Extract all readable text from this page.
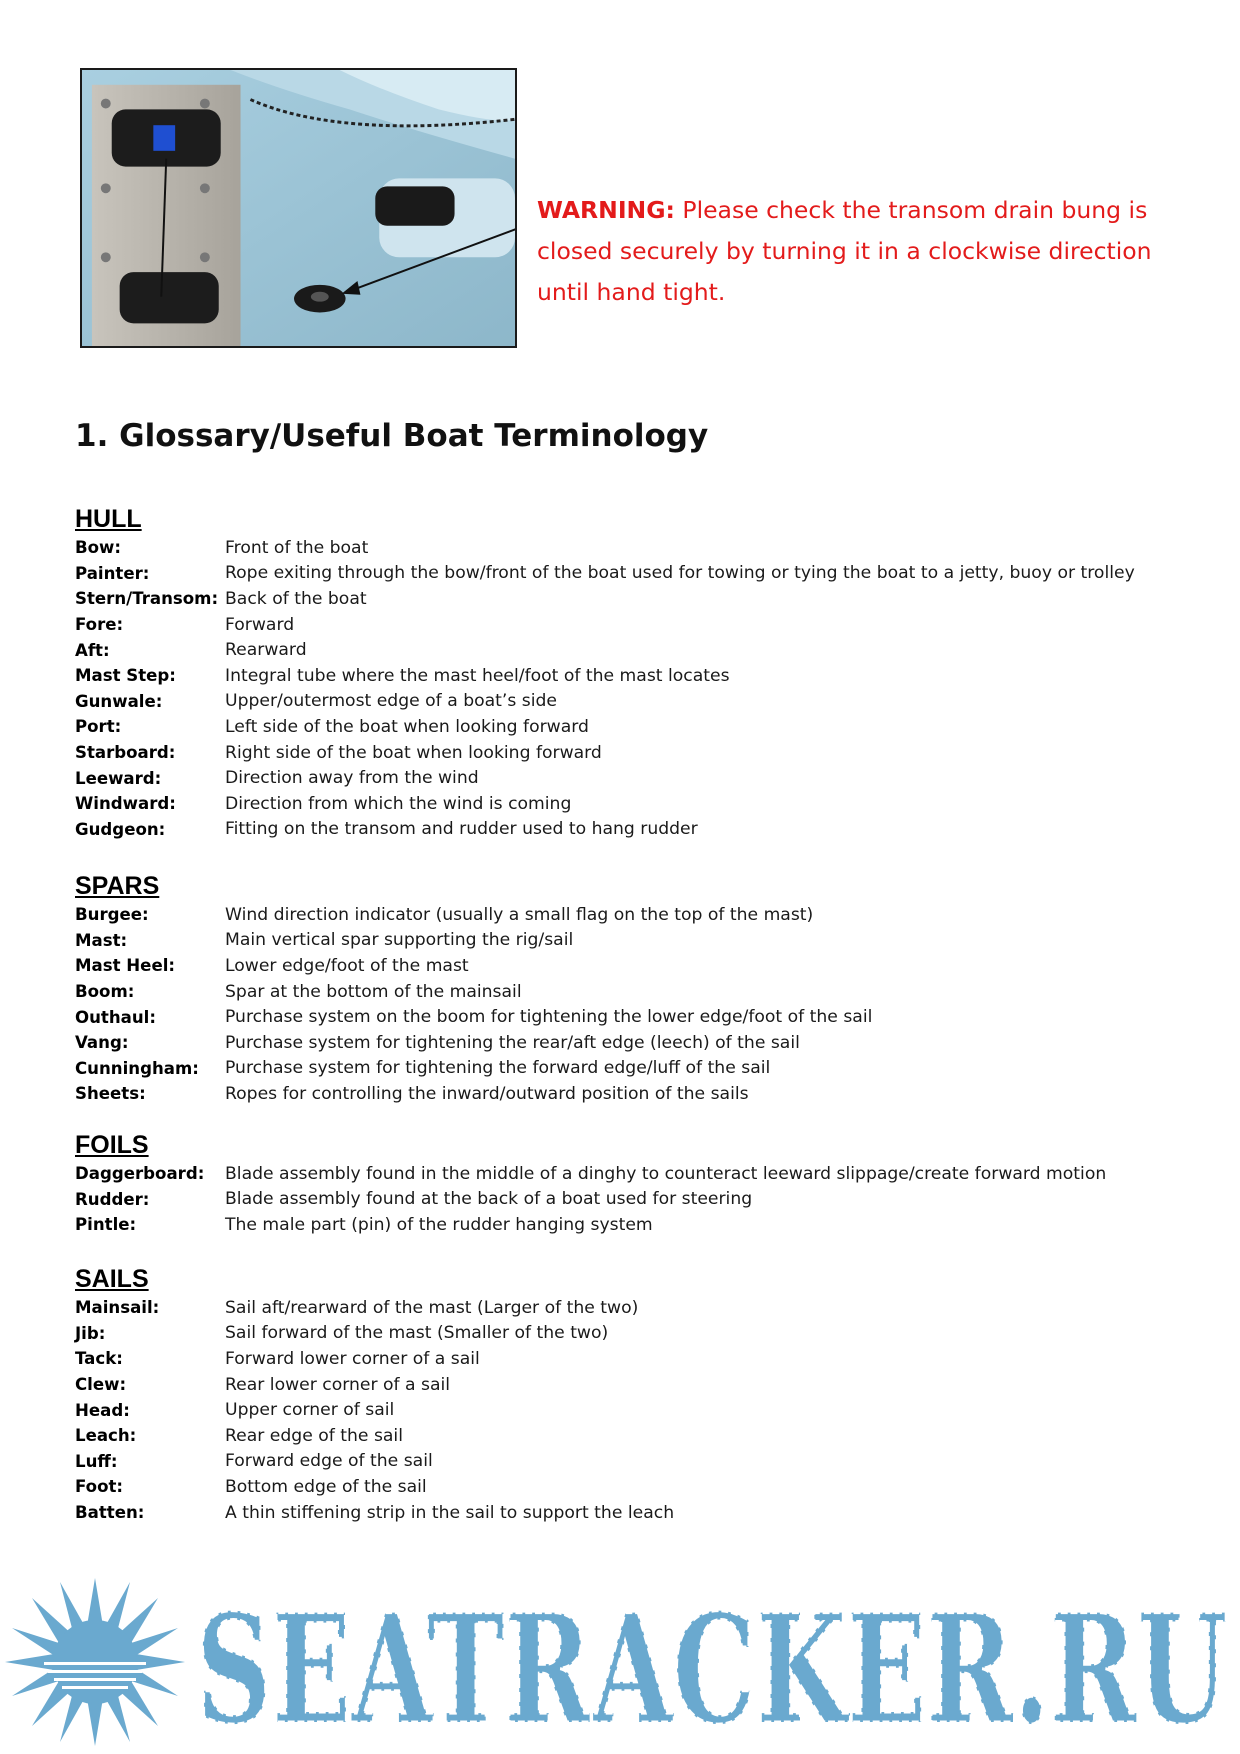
WARNING: Please check the transom drain bung is closed securely by turning it in a clockwise direction until hand tight.
1. Glossary/Useful Boat Terminology
HULL
Bow:	Front of the boat
Painter:	Rope exiting through the bow/front of the boat used for towing or tying the boat to a jetty, buoy or trolley
Stern/Transom: Back of the boat
Fore:	Forward
Aft:	Rearward
Mast Step:	Integral tube where the mast heel/foot of the mast locates
Gunwale:	Upper/outermost edge of a boat’s side
Port:	Left side of the boat when looking forward
Starboard:	Right side of the boat when looking forward
Leeward:	Direction away from the wind
Windward:	Direction from which the wind is coming
Gudgeon:	Fitting on the transom and rudder used to hang rudder
SPARS
Burgee:	Wind direction indicator (usually a small flag on the top of the mast)
Mast:	Main vertical spar supporting the rig/sail
Mast Heel:	Lower edge/foot of the mast
Boom:	Spar at the bottom of the mainsail
Outhaul:	Purchase system on the boom for tightening the lower edge/foot of the sail
Vang:	Purchase system for tightening the rear/aft edge (leech) of the sail
Cunningham:	Purchase system for tightening the forward edge/luff of the sail
Sheets:	Ropes for controlling the inward/outward position of the sails
FOILS
Daggerboard:	Blade assembly found in the middle of a dinghy to counteract leeward slippage/create forward motion
Rudder:	Blade assembly found at the back of a boat used for steering
Pintle:	The male part (pin) of the rudder hanging system
SAILS
Mainsail:	Sail aft/rearward of the mast (Larger of the two)
Jib:	Sail forward of the mast (Smaller of the two)
Tack:	Forward lower corner of a sail
Clew:	Rear lower corner of a sail
Head:	Upper corner of sail
Leach:	Rear edge of the sail
Luff:	Forward edge of the sail
Foot:	Bottom edge of the sail
Batten:	A thin stiffening strip in the sail to support the leach
SEATRACKER.RU
